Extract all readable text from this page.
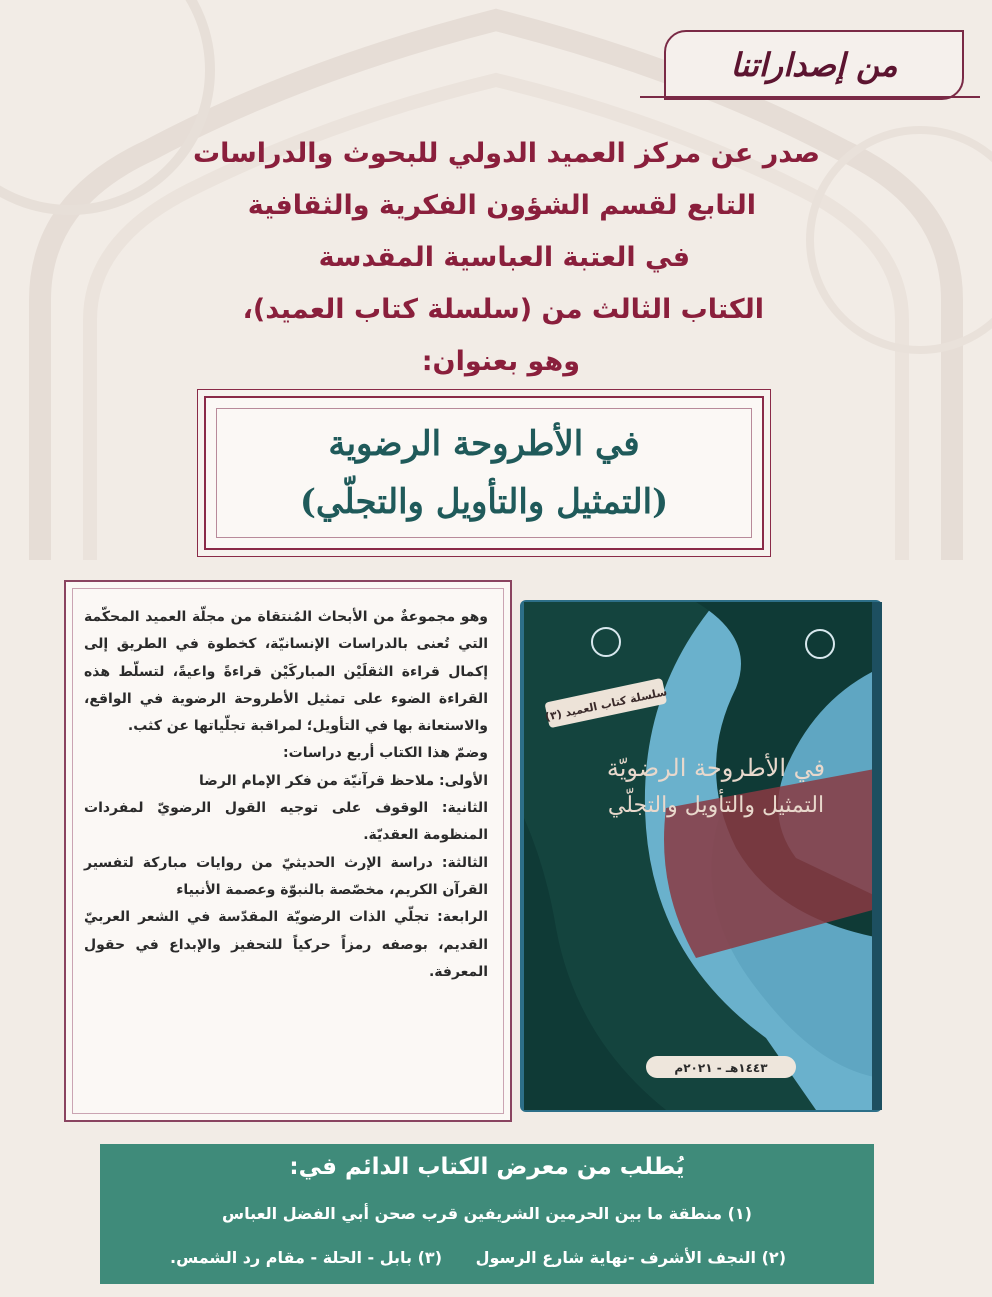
من إصداراتنا
صدر عن مركز العميد الدولي للبحوث والدراسات
التابع لقسم الشؤون الفكرية والثقافية
في العتبة العباسية المقدسة
الكتاب الثالث من (سلسلة كتاب العميد)،
وهو بعنوان:
في الأطروحة الرضوية
(التمثيل والتأويل والتجلّي)

وهو مجموعةٌ من الأبحاث المُنتقاة من مجلّة العميد المحكّمة التي تُعنى بالدراسات الإنسانيّة، كخطوة في الطريق إلى إكمال قراءة الثقلَيْن المباركَيْن قراءةً واعيةً، لتسلّط هذه القراءة الضوء على تمثيل الأطروحة الرضوية في الواقع، والاستعانة بها في التأويل؛ لمراقبة تجلّياتها عن كثب.

وضمّ هذا الكتاب أربع دراسات:

الأولى: ملاحظ قرآنيّة من فكر الإمام الرضا

الثانية: الوقوف على توجيه القول الرضويّ لمفردات المنظومة العقديّة.

الثالثة: دراسة الإرث الحديثيّ من روايات مباركة لتفسير القرآن الكريم، مخصّصة بالنبوّة وعصمة الأنبياء

الرابعة: تجلّي الذات الرضويّة المقدّسة في الشعر العربيّ القديم، بوصفه رمزاً حركياً للتحفيز والإبداع في حقول المعرفة.

سلسلة كتاب العميد (٣)
في الأطروحة الرضويّة
التمثيل والتأويل والتجلّي
١٤٤٣هـ - ٢٠٢١م
يُطلب من معرض الكتاب الدائم في:
(١) منطقة ما بين الحرمين الشريفين قرب صحن أبي الفضل العباس
(٢) النجف الأشرف -نهاية شارع الرسول
(٣) بابل - الحلة - مقام رد الشمس.
